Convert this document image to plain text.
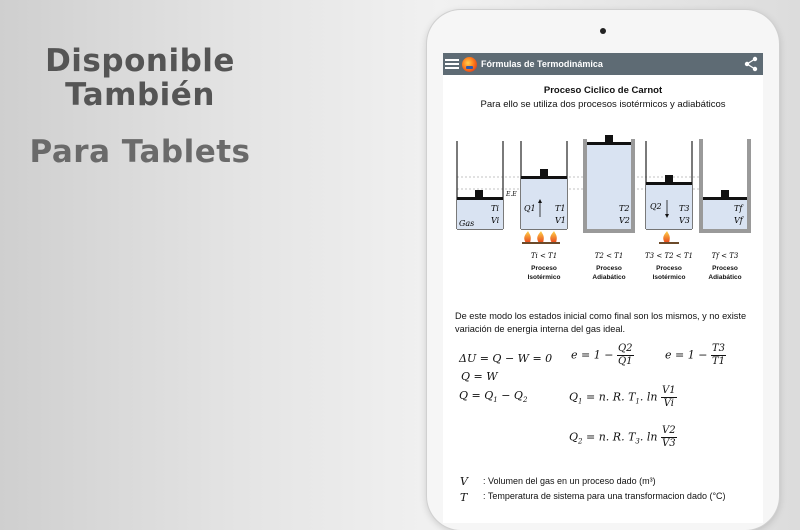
Disponible
También
Para Tablets
Fórmulas de Termodinámica
Proceso Ciclico de Carnot
Para ello se utiliza dos procesos isotérmicos y adiabáticos
Gas
Ti
Vi
E.E
Q1 T1
V1
T2
V2
Q2 T3
V3
Tf
Vf
Ti < T1	T2 < T1	T3 < T2 < T1	Tf < T3
Proceso
Isotérmico
Proceso
Adiabático
Proceso
Isotérmico
Proceso
Adiabático
De este modo los estados inicial como final son los mismos, y no existe variación de energia interna del gas ideal.
ΔU = Q − W = 0
Q = W
$Q = Q_1 - Q_2$
$e = 1 - \frac{Q2}{Q1}$	$e = 1 - \frac{T3}{T1}$
$Q_1 = n$. R. $T_1$. $\ln \frac{V1}{Vi}$
$Q_2 = n$. R. $T_3$. $\ln \frac{V2}{V3}$
V : Volumen del gas en un proceso dado (m³)
T : Temperatura de sistema para una transformacion dado (°C)
